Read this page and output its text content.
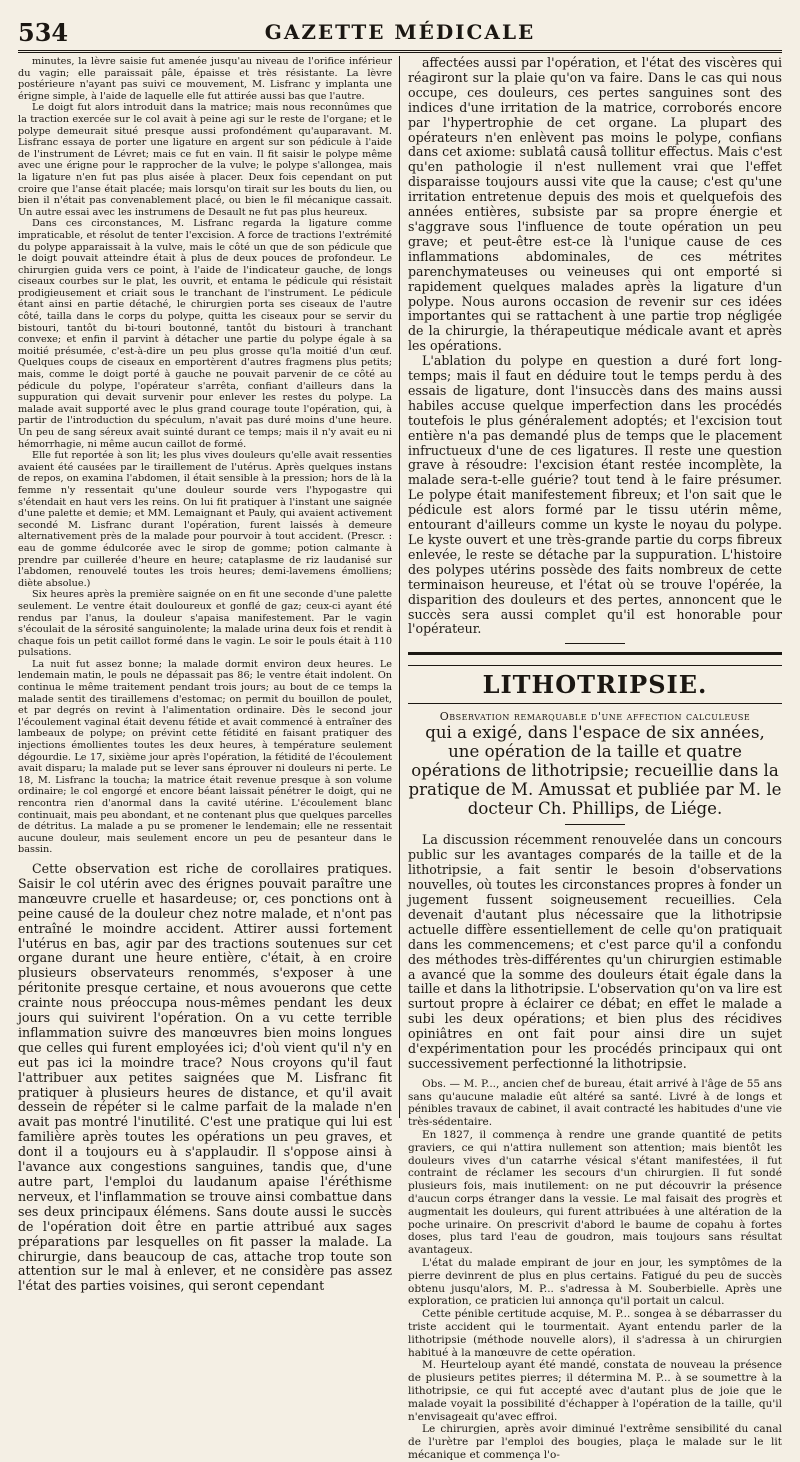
534	GAZETTE MÉDICALE

minutes, la lèvre saisie fut amenée jusqu'au niveau de l'orifice inférieur du vagin; elle paraissait pâle, épaisse et très résistante. La lèvre postérieure n'ayant pas suivi ce mouvement, M. Lisfranc y implanta une érigne simple, à l'aide de laquelle elle fut attirée aussi bas que l'autre.

Le doigt fut alors introduit dans la matrice; mais nous reconnûmes que la traction exercée sur le col avait à peine agi sur le reste de l'organe; et le polype demeurait situé presque aussi profondément qu'auparavant. M. Lisfranc essaya de porter une ligature en argent sur son pédicule à l'aide de l'instrument de Lévret; mais ce fut en vain. Il fit saisir le polype même avec une érigne pour le rapprocher de la vulve; le polype s'allongea, mais la ligature n'en fut pas plus aisée à placer. Deux fois cependant on put croire que l'anse était placée; mais lorsqu'on tirait sur les bouts du lien, ou bien il n'était pas convenablement placé, ou bien le fil mécanique cassait. Un autre essai avec les instrumens de Desault ne fut pas plus heureux.

Dans ces circonstances, M. Lisfranc regarda la ligature comme impraticable, et résolut de tenter l'excision. A force de tractions l'extrémité du polype apparaissait à la vulve, mais le côté un que de son pédicule que le doigt pouvait atteindre était à plus de deux pouces de profondeur. Le chirurgien guida vers ce point, à l'aide de l'indicateur gauche, de longs ciseaux courbes sur le plat, les ouvrit, et entama le pédicule qui résistait prodigieusement et criait sous le tranchant de l'instrument. Le pédicule étant ainsi en partie détaché, le chirurgien porta ses ciseaux de l'autre côté, tailla dans le corps du polype, quitta les ciseaux pour se servir du bistouri, tantôt du bi-touri boutonné, tantôt du bistouri à tranchant convexe; et enfin il parvint à détacher une partie du polype égale à sa moitié présumée, c'est-à-dire un peu plus grosse qu'la moitié d'un œuf. Quelques coups de ciseaux en emportèrent d'autres fragmens plus petits; mais, comme le doigt porté à gauche ne pouvait parvenir de ce côté au pédicule du polype, l'opérateur s'arrêta, confiant d'ailleurs dans la suppuration qui devait survenir pour enlever les restes du polype. La malade avait supporté avec le plus grand courage toute l'opération, qui, à partir de l'introduction du spéculum, n'avait pas duré moins d'une heure. Un peu de sang séreux avait suinté durant ce temps; mais il n'y avait eu ni hémorrhagie, ni même aucun caillot de formé.

Elle fut reportée à son lit; les plus vives douleurs qu'elle avait ressenties avaient été causées par le tiraillement de l'utérus. Après quelques instans de repos, on examina l'abdomen, il était sensible à la pression; hors de là la femme n'y ressentait qu'une douleur sourde vers l'hypogastre qui s'étendait en haut vers les reins. On lui fit pratiquer à l'instant une saignée d'une palette et demie; et MM. Lemaignant et Pauly, qui avaient activement secondé M. Lisfranc durant l'opération, furent laissés à demeure alternativement près de la malade pour pourvoir à tout accident. (Prescr. : eau de gomme édulcorée avec le sirop de gomme; potion calmante à prendre par cuillerée d'heure en heure; cataplasme de riz laudanisé sur l'abdomen, renouvelé toutes les trois heures; demi-lavemens émolliens; diète absolue.)

Six heures après la première saignée on en fit une seconde d'une palette seulement. Le ventre était douloureux et gonflé de gaz; ceux-ci ayant été rendus par l'anus, la douleur s'apaisa manifestement. Par le vagin s'écoulait de la sérosité sanguinolente; la malade urina deux fois et rendit à chaque fois un petit caillot formé dans le vagin. Le soir le pouls était à 110 pulsations.

La nuit fut assez bonne; la malade dormit environ deux heures. Le lendemain matin, le pouls ne dépassait pas 86; le ventre était indolent. On continua le même traitement pendant trois jours; au bout de ce temps la malade sentit des tiraillemens d'estomac; on permit du bouillon de poulet, et par degrés on revint à l'alimentation ordinaire. Dès le second jour l'écoulement vaginal était devenu fétide et avait commencé à entraîner des lambeaux de polype; on prévint cette fétidité en faisant pratiquer des injections émollientes toutes les deux heures, à température seulement dégourdie. Le 17, sixième jour après l'opération, la fétidité de l'écoulement avait disparu; la malade put se lever sans éprouver ni douleurs ni perte. Le 18, M. Lisfranc la toucha; la matrice était revenue presque à son volume ordinaire; le col engorgé et encore béant laissait pénétrer le doigt, qui ne rencontra rien d'anormal dans la cavité utérine. L'écoulement blanc continuait, mais peu abondant, et ne contenant plus que quelques parcelles de détritus. La malade a pu se promener le lendemain; elle ne ressentait aucune douleur, mais seulement encore un peu de pesanteur dans le bassin.

Cette observation est riche de corollaires pratiques. Saisir le col utérin avec des érignes pouvait paraître une manœuvre cruelle et hasardeuse; or, ces ponctions ont à peine causé de la douleur chez notre malade, et n'ont pas entraîné le moindre accident. Attirer aussi fortement l'utérus en bas, agir par des tractions soutenues sur cet organe durant une heure entière, c'était, à en croire plusieurs observateurs renommés, s'exposer à une péritonite presque certaine, et nous avouerons que cette crainte nous préoccupa nous-mêmes pendant les deux jours qui suivirent l'opération. On a vu cette terrible inflammation suivre des manœuvres bien moins longues que celles qui furent employées ici; d'où vient qu'il n'y en eut pas ici la moindre trace? Nous croyons qu'il faut l'attribuer aux petites saignées que M. Lisfranc fit pratiquer à plusieurs heures de distance, et qu'il avait dessein de répéter si le calme parfait de la malade n'en avait pas montré l'inutilité. C'est une pratique qui lui est familière après toutes les opérations un peu graves, et dont il a toujours eu à s'applaudir. Il s'oppose ainsi à l'avance aux congestions sanguines, tandis que, d'une autre part, l'emploi du laudanum apaise l'éréthisme nerveux, et l'inflammation se trouve ainsi combattue dans ses deux principaux élémens. Sans doute aussi le succès de l'opération doit être en partie attribué aux sages préparations par lesquelles on fit passer la malade. La chirurgie, dans beaucoup de cas, attache trop toute son attention sur le mal à enlever, et ne considère pas assez l'état des parties voisines, qui seront cependant

affectées aussi par l'opération, et l'état des viscères qui réagiront sur la plaie qu'on va faire. Dans le cas qui nous occupe, ces douleurs, ces pertes sanguines sont des indices d'une irritation de la matrice, corroborés encore par l'hypertrophie de cet organe. La plupart des opérateurs n'en enlèvent pas moins le polype, confians dans cet axiome: sublatâ causâ tollitur effectus. Mais c'est qu'en pathologie il n'est nullement vrai que l'effet disparaisse toujours aussi vite que la cause; c'est qu'une irritation entretenue depuis des mois et quelquefois des années entières, subsiste par sa propre énergie et s'aggrave sous l'influence de toute opération un peu grave; et peut-être est-ce là l'unique cause de ces inflammations abdominales, de ces métrites parenchymateuses ou veineuses qui ont emporté si rapidement quelques malades après la ligature d'un polype. Nous aurons occasion de revenir sur ces idées importantes qui se rattachent à une partie trop négligée de la chirurgie, la thérapeutique médicale avant et après les opérations.

L'ablation du polype en question a duré fort long-temps; mais il faut en déduire tout le temps perdu à des essais de ligature, dont l'insuccès dans des mains aussi habiles accuse quelque imperfection dans les procédés toutefois le plus généralement adoptés; et l'excision tout entière n'a pas demandé plus de temps que le placement infructueux d'une de ces ligatures. Il reste une question grave à résoudre: l'excision étant restée incomplète, la malade sera-t-elle guérie? tout tend à le faire présumer. Le polype était manifestement fibreux; et l'on sait que le pédicule est alors formé par le tissu utérin même, entourant d'ailleurs comme un kyste le noyau du polype. Le kyste ouvert et une très-grande partie du corps fibreux enlevée, le reste se détache par la suppuration. L'histoire des polypes utérins possède des faits nombreux de cette terminaison heureuse, et l'état où se trouve l'opérée, la disparition des douleurs et des pertes, annoncent que le succès sera aussi complet qu'il est honorable pour l'opérateur.

LITHOTRIPSIE.
Observation remarquable d'une affection calculeuse
qui a exigé, dans l'espace de six années, une opération de la taille et quatre opérations de lithotripsie; recueillie dans la pratique de M. Amussat et publiée par M. le docteur Ch. Phillips, de Liége.

La discussion récemment renouvelée dans un concours public sur les avantages comparés de la taille et de la lithotripsie, a fait sentir le besoin d'observations nouvelles, où toutes les circonstances propres à fonder un jugement fussent soigneusement recueillies. Cela devenait d'autant plus nécessaire que la lithotripsie actuelle diffère essentiellement de celle qu'on pratiquait dans les commencemens; et c'est parce qu'il a confondu des méthodes très-différentes qu'un chirurgien estimable a avancé que la somme des douleurs était égale dans la taille et dans la lithotripsie. L'observation qu'on va lire est surtout propre à éclairer ce débat; en effet le malade a subi les deux opérations; et bien plus des récidives opiniâtres en ont fait pour ainsi dire un sujet d'expérimentation pour les procédés principaux qui ont successivement perfectionné la lithotripsie.

Obs. — M. P..., ancien chef de bureau, était arrivé à l'âge de 55 ans sans qu'aucune maladie eût altéré sa santé. Livré à de longs et pénibles travaux de cabinet, il avait contracté les habitudes d'une vie très-sédentaire.

En 1827, il commença à rendre une grande quantité de petits graviers, ce qui n'attira nullement son attention; mais bientôt les douleurs vives d'un catarrhe vésical s'étant manifestées, il fut contraint de réclamer les secours d'un chirurgien. Il fut sondé plusieurs fois, mais inutilement: on ne put découvrir la présence d'aucun corps étranger dans la vessie. Le mal faisait des progrès et augmentait les douleurs, qui furent attribuées à une altération de la poche urinaire. On prescrivit d'abord le baume de copahu à fortes doses, plus tard l'eau de goudron, mais toujours sans résultat avantageux.

L'état du malade empirant de jour en jour, les symptômes de la pierre devinrent de plus en plus certains. Fatigué du peu de succès obtenu jusqu'alors, M. P... s'adressa à M. Souberbielle. Après une exploration, ce praticien lui annonça qu'il portait un calcul.

Cette pénible certitude acquise, M. P... songea à se débarrasser du triste accident qui le tourmentait. Ayant entendu parler de la lithotripsie (méthode nouvelle alors), il s'adressa à un chirurgien habitué à la manœuvre de cette opération.

M. Heurteloup ayant été mandé, constata de nouveau la présence de plusieurs petites pierres; il détermina M. P... à se soumettre à la lithotripsie, ce qui fut accepté avec d'autant plus de joie que le malade voyait la possibilité d'échapper à l'opération de la taille, qu'il n'envisageait qu'avec effroi.

Le chirurgien, après avoir diminué l'extrême sensibilité du canal de l'urètre par l'emploi des bougies, plaça le malade sur le lit mécanique et commença l'o-
